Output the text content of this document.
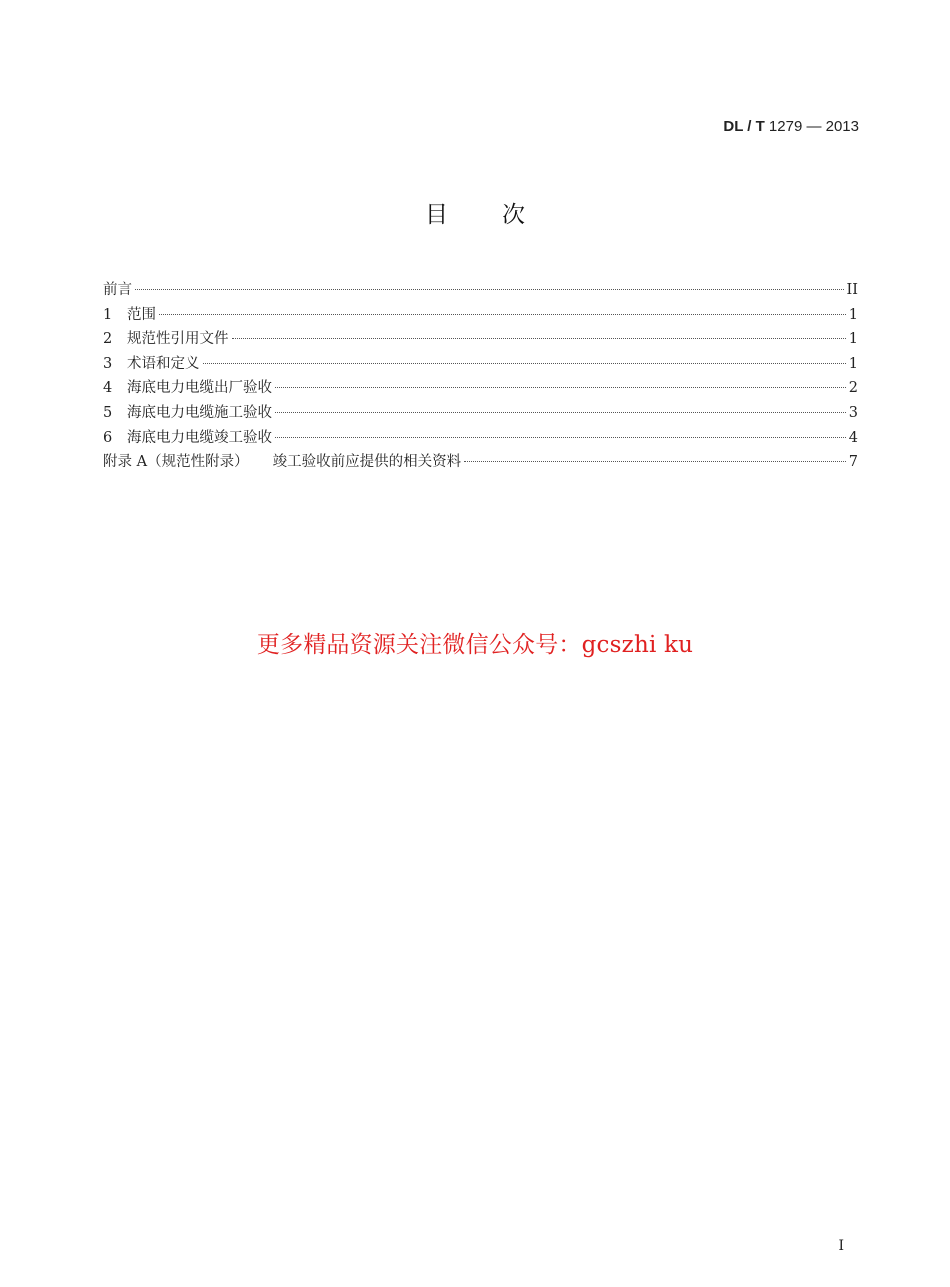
DL / T 1279 — 2013
目 次
前言	II
1	范围	1
2	规范性引用文件	1
3	术语和定义	1
4	海底电力电缆出厂验收	2
5	海底电力电缆施工验收	3
6	海底电力电缆竣工验收	4
附录 A（规范性附录） 竣工验收前应提供的相关资料	7
更多精品资源关注微信公众号：gcszhi ku
I
